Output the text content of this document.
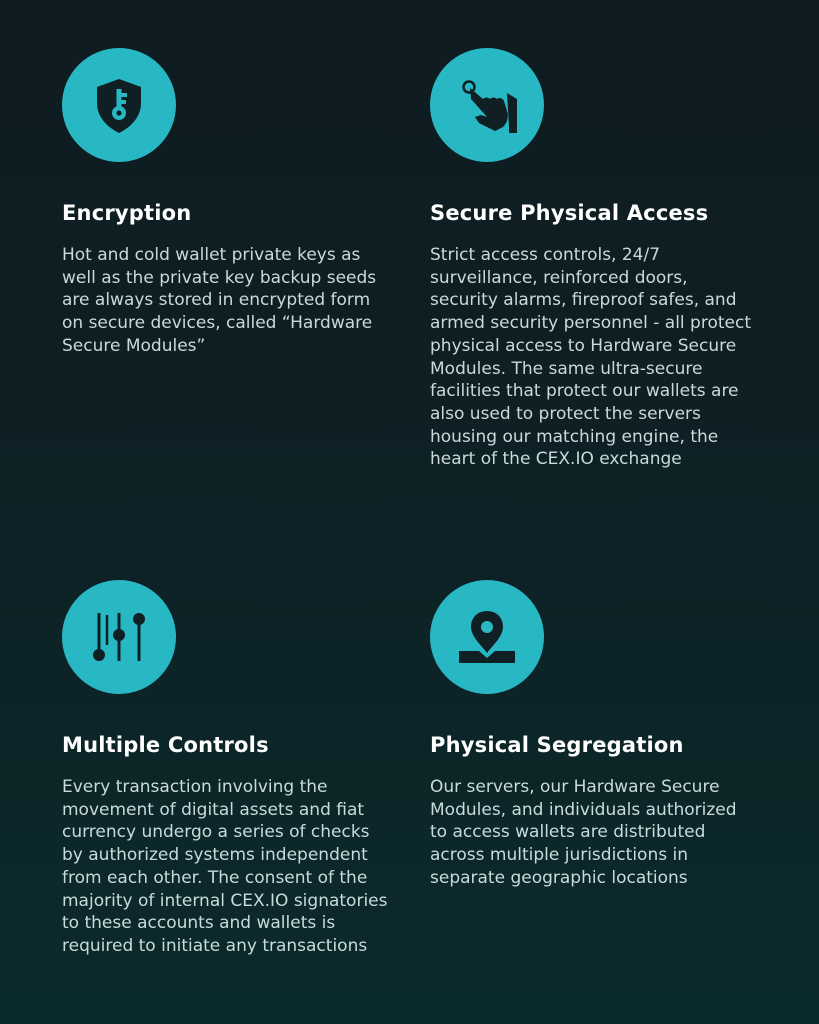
Encryption
Hot and cold wallet private keys as well as the private key backup seeds are always stored in encrypted form on secure devices, called “Hardware Secure Modules”
Secure Physical Access
Strict access controls, 24/7 surveillance, reinforced doors, security alarms, fireproof safes, and armed security personnel - all protect physical access to Hardware Secure Modules. The same ultra-secure facilities that protect our wallets are also used to protect the servers housing our matching engine, the heart of the CEX.IO exchange
Multiple Controls
Every transaction involving the movement of digital assets and fiat currency undergo a series of checks by authorized systems independent from each other. The consent of the majority of internal CEX.IO signatories to these accounts and wallets is required to initiate any transactions
Physical Segregation
Our servers, our Hardware Secure Modules, and individuals authorized to access wallets are distributed across multiple jurisdictions in separate geographic locations
